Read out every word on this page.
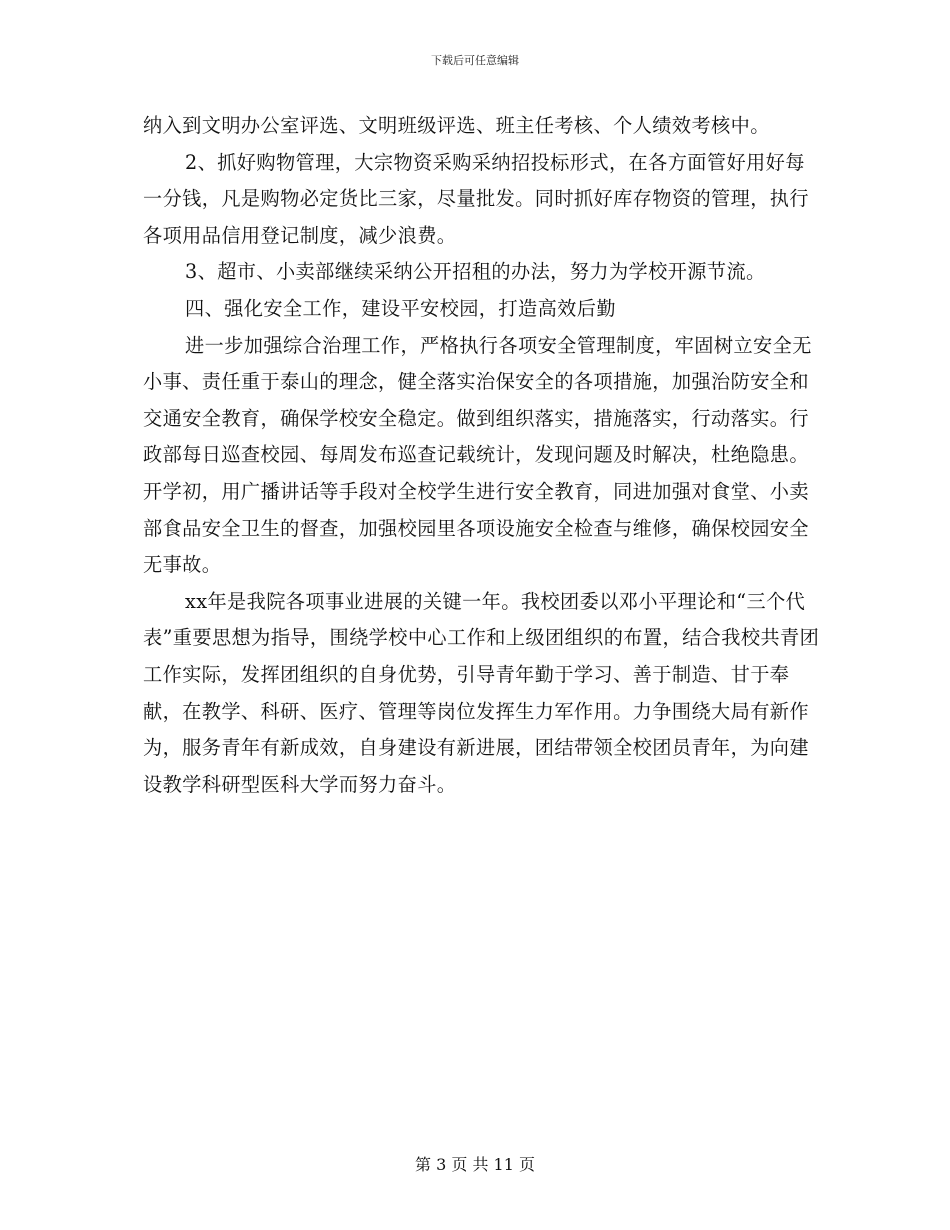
下载后可任意编辑

纳入到文明办公室评选、文明班级评选、班主任考核、个人绩效考核中。

2、抓好购物管理，大宗物资采购采纳招投标形式，在各方面管好用好每一分钱，凡是购物必定货比三家，尽量批发。同时抓好库存物资的管理，执行各项用品信用登记制度，减少浪费。

3、超市、小卖部继续采纳公开招租的办法，努力为学校开源节流。

四、强化安全工作，建设平安校园，打造高效后勤

进一步加强综合治理工作，严格执行各项安全管理制度，牢固树立安全无小事、责任重于泰山的理念，健全落实治保安全的各项措施，加强治防安全和交通安全教育，确保学校安全稳定。做到组织落实，措施落实，行动落实。行政部每日巡查校园、每周发布巡查记载统计，发现问题及时解决，杜绝隐患。开学初，用广播讲话等手段对全校学生进行安全教育，同进加强对食堂、小卖部食品安全卫生的督查，加强校园里各项设施安全检查与维修，确保校园安全无事故。

xx年是我院各项事业进展的关键一年。我校团委以邓小平理论和“三个代表”重要思想为指导，围绕学校中心工作和上级团组织的布置，结合我校共青团工作实际，发挥团组织的自身优势，引导青年勤于学习、善于制造、甘于奉献，在教学、科研、医疗、管理等岗位发挥生力军作用。力争围绕大局有新作为，服务青年有新成效，自身建设有新进展，团结带领全校团员青年，为向建设教学科研型医科大学而努力奋斗。

第 3 页 共 11 页
